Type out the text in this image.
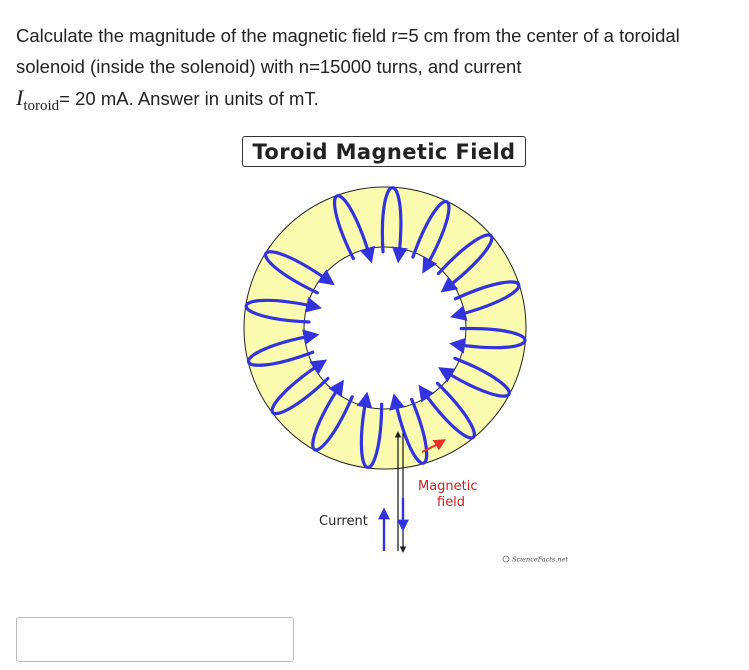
Calculate the magnitude of the magnetic field r=5 cm from the center of a toroidal

solenoid (inside the solenoid) with n=15000 turns, and current

$I_{toroid}= 20$ mA. Answer in units of mT.

Toroid Magnetic Field
Magnetic
field
Current
ScienceFacts.net
